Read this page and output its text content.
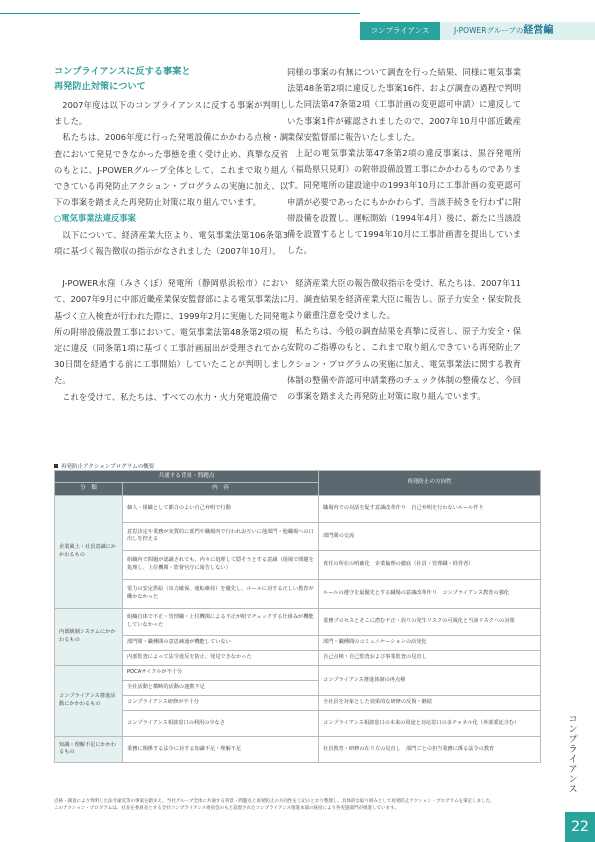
コンプライアンス	J-POWERグループの経営編
コンプライアンスに反する事案と
再発防止対策について

2007年度は以下のコンプライアンスに反する事案が判明しました。

私たちは、2006年度に行った発電設備にかかわる点検・調査において発見できなかった事態を重く受け止め、真摯な反省のもとに、J-POWERグループ全体として、これまで取り組んできている再発防止アクション・プログラムの実施に加え、以下の事案を踏まえた再発防止対策に取り組んでいます。

○電気事業法違反事案

以下について、経済産業大臣より、電気事業法第106条第3項に基づく報告徴収の指示がなされました（2007年10月）。

J-POWER水窪（みさくぼ）発電所（静岡県浜松市）において、2007年9月に中部近畿産業保安監督部による電気事業法に基づく立入検査が行われた際に、1999年2月に実施した同発電所の附帯設備設置工事において、電気事業法第48条第2項の規定に違反（同条第1項に基づく工事計画届出が受理されてから30日間を経過する前に工事開始）していたことが判明しました。

これを受けて、私たちは、すべての水力・火力発電設備で

同様の事案の有無について調査を行った結果、同様に電気事業法第48条第2項に違反した事案16件、および調査の過程で判明した同法第47条第2項（工事計画の変更認可申請）に違反していた事案1件が確認されましたので、2007年10月中部近畿産業保安監督部に報告いたしました。

上記の電気事業法第47条第2項の違反事案は、黒谷発電所（福島県只見町）の附帯設備設置工事にかかわるものであります。同発電所の建設途中の1993年10月に工事計画の変更認可申請が必要であったにもかかわらず、当該手続きを行わずに附帯設備を設置し、運転開始（1994年4月）後に、新たに当該設備を設置するとして1994年10月に工事計画書を提出していました。

経済産業大臣の報告徴収指示を受け、私たちは、2007年11月、調査結果を経済産業大臣に報告し、原子力安全・保安院長より厳重注意を受けました。

私たちは、今般の調査結果を真摯に反省し、原子力安全・保安院のご指導のもと、これまで取り組んできている再発防止アクション・プログラムの実施に加え、電気事業法に関する教育体制の整備や許認可申請業務のチェック体制の整備など、今回の事案を踏まえた再発防止対策に取り組んでいます。

再発防止アクションプログラムの概要
共通する背景・問題点		再発防止の方向性
分　類	内　容	
企業風土・社員意識にかかわるもの	個人・組織として都合のよい自己弁明で行動	職場内での対話を促す意識改革作り　自己弁明を行わないルール作り
	意思決定や業務が実質的に部門や職場内で行われお互いに他部門・他職場への口出しを控える	部門間の交流
	組織内で問題が認識されても、内々に処理して隠そうとする意識（現場で問題を処理し、上位機関・監督官庁に報告しない）	責任の所在の明確化　企業倫理の徹底（社員・管理職・経営者）
	電力の安定供給（出力確保、運転維持）を優先し、ルールに対する正しい教育が働かなかった	ルールの遵守を最優先とする職場の意識改革作り　コンプライアンス教育の強化
内部統制システムにかかわるもの	組織自体で不正・管理職・上位機関による不正が眼でチェックする仕組みが機能していなかった	業務プロセスとそこに潜む不正・誤りの発生リスクの可視化と当該リスクへの対策
	部門間・職種間の意思疎通が機能していない	部門・職種間のコミュニケーションの活発化
	内部監査によって法令違反を防止、発見できなかった	自己点検・自己監査および事業監査の見直し
コンプライアンス推進活動にかかわるもの	PDCAサイクルが不十分	コンプライアンス推進体制の再点検
	全社活動と横断的活動の連携不足	
	コンプライアンス研修が不十分	全社員を対象とした効果的な研修の反復・継続
	コンプライアンス相談窓口の利用の少なさ	コンプライアンス相談窓口の本来の用途と対応窓口の多チャネル化（外部委託含む）
知識・理解不足にかかわるもの	業務に関係する法令に対する知識不足・理解不足	社員教育・研修の在り方の見直し　部門ごとの担当業務に係る法令の教育
点検・調査により判明した法令違反等の事案を踏まえ、当社グループ全体に共通する背景・問題点と再発防止の方向性を上記のとおり整理し、具体的な取り組みとして再発防止アクション・プログラムを策定しました。
このアクション・プログラムは、社長を委員長とする全社コンプライアンス委員会のもと設置されたコンプライアンス推進本部の統括により各実施部門が推進しています。
コンプライアンス
22
